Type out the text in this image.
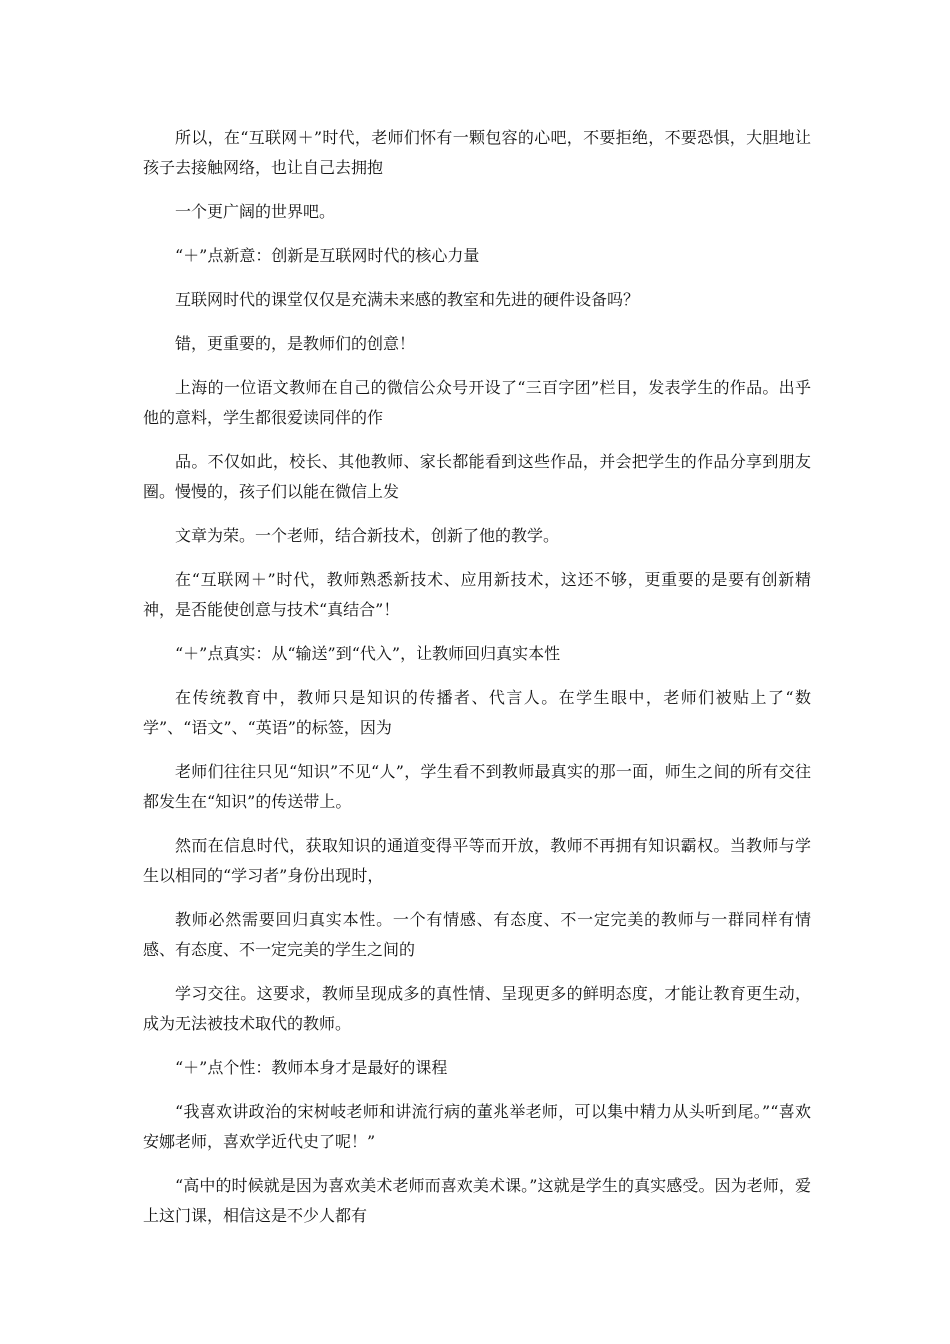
所以，在“互联网＋”时代，老师们怀有一颗包容的心吧，不要拒绝，不要恐惧，大胆地让孩子去接触网络，也让自己去拥抱

一个更广阔的世界吧。

“＋”点新意：创新是互联网时代的核心力量

互联网时代的课堂仅仅是充满未来感的教室和先进的硬件设备吗？

错，更重要的，是教师们的创意！

上海的一位语文教师在自己的微信公众号开设了“三百字团”栏目，发表学生的作品。出乎他的意料，学生都很爱读同伴的作

品。不仅如此，校长、其他教师、家长都能看到这些作品，并会把学生的作品分享到朋友圈。慢慢的，孩子们以能在微信上发

文章为荣。一个老师，结合新技术，创新了他的教学。

在“互联网＋”时代，教师熟悉新技术、应用新技术，这还不够，更重要的是要有创新精神，是否能使创意与技术“真结合”！

“＋”点真实：从“输送”到“代入”，让教师回归真实本性

在传统教育中，教师只是知识的传播者、代言人。在学生眼中，老师们被贴上了“数学”、“语文”、“英语”的标签，因为

老师们往往只见“知识”不见“人”，学生看不到教师最真实的那一面，师生之间的所有交往都发生在“知识”的传送带上。

然而在信息时代，获取知识的通道变得平等而开放，教师不再拥有知识霸权。当教师与学生以相同的“学习者”身份出现时，

教师必然需要回归真实本性。一个有情感、有态度、不一定完美的教师与一群同样有情感、有态度、不一定完美的学生之间的

学习交往。这要求，教师呈现成多的真性情、呈现更多的鲜明态度，才能让教育更生动，成为无法被技术取代的教师。

“＋”点个性：教师本身才是最好的课程

“我喜欢讲政治的宋树岐老师和讲流行病的董兆举老师，可以集中精力从头听到尾。”“喜欢安娜老师，喜欢学近代史了呢！”

“高中的时候就是因为喜欢美术老师而喜欢美术课。”这就是学生的真实感受。因为老师，爱上这门课，相信这是不少人都有
